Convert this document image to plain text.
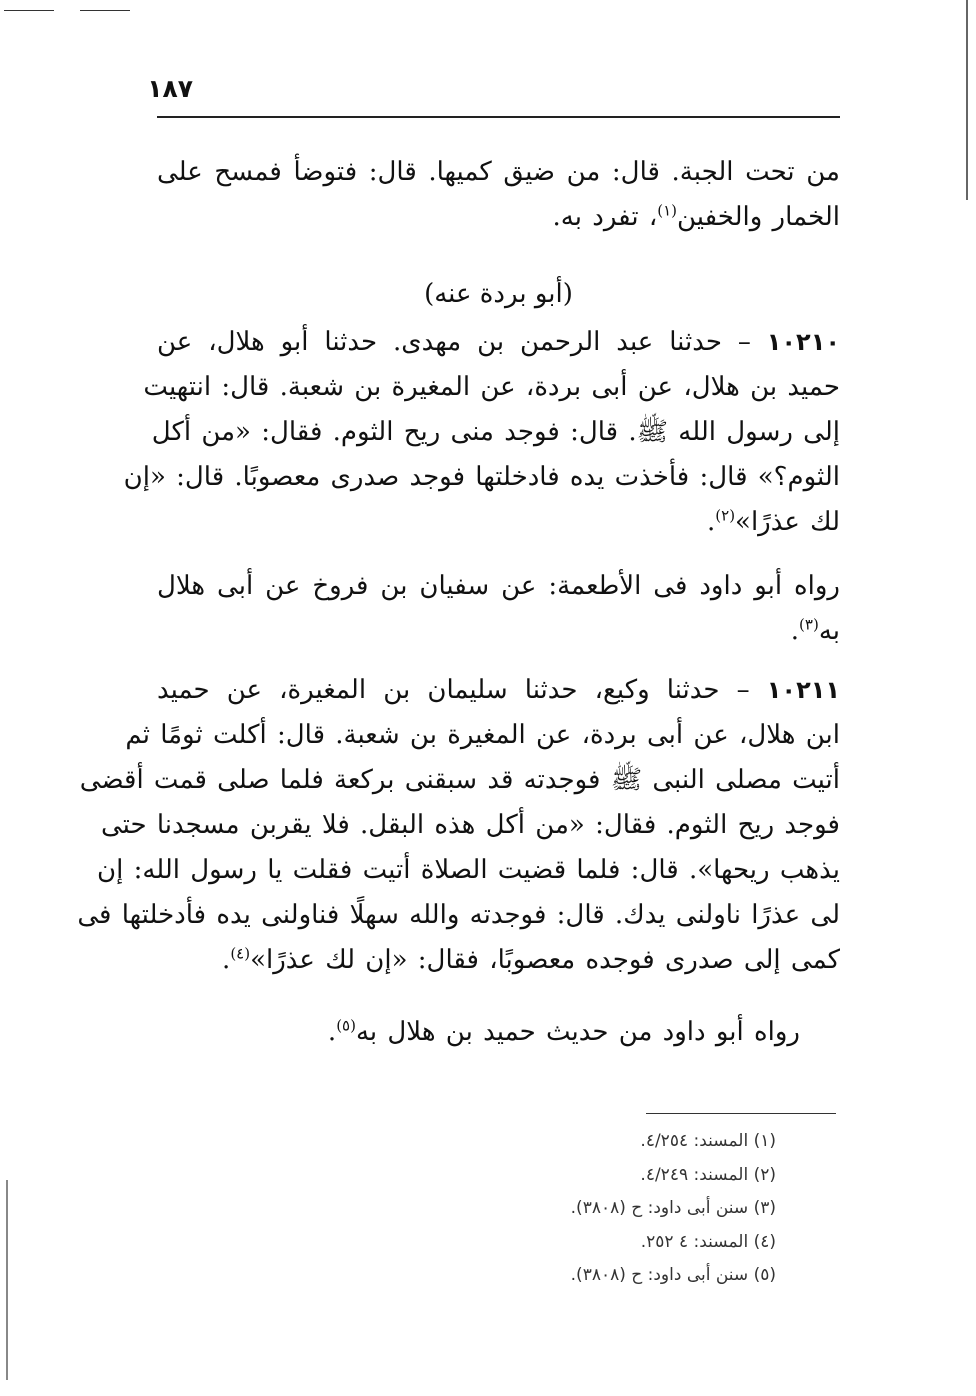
١٨٧
من تحت الجبة. قال: من ضيق كميها. قال: فتوضأ فمسح على
الخمار والخفين$^{(١)}$، تفرد به.
(أبو بردة عنه)
١٠٢١٠ – حدثنا عبد الرحمن بن مهدى. حدثنا أبو هلال، عن
حميد بن هلال، عن أبى بردة، عن المغيرة بن شعبة. قال: انتهيت
إلى رسول الله ﷺ. قال: فوجد منى ريح الثوم. فقال: «من أكل
الثوم؟» قال: فأخذت يده فادخلتها فوجد صدرى معصوبًا. قال: «إن
لك عذرًا»$^{(٢)}$.
رواه أبو داود فى الأطعمة: عن سفيان بن فروخ عن أبى هلال
به$^{(٣)}$.
١٠٢١١ – حدثنا وكيع، حدثنا سليمان بن المغيرة، عن حميد
ابن هلال، عن أبى بردة، عن المغيرة بن شعبة. قال: أكلت ثومًا ثم
أتيت مصلى النبى ﷺ فوجدته قد سبقنى بركعة فلما صلى قمت أقضى
فوجد ريح الثوم. فقال: «من أكل هذه البقل. فلا يقربن مسجدنا حتى
يذهب ريحها». قال: فلما قضيت الصلاة أتيت فقلت يا رسول الله: إن
لى عذرًا ناولنى يدك. قال: فوجدته والله سهلًا فناولنى يده فأدخلتها فى
كمى إلى صدرى فوجده معصوبًا، فقال: «إن لك عذرًا»$^{(٤)}$.
رواه أبو داود من حديث حميد بن هلال به$^{(٥)}$.
(١) المسند: ٤/٢٥٤.
(٢) المسند: ٤/٢٤٩.
(٣) سنن أبى داود: ح (٣٨٠٨).
(٤) المسند: ٤ ٢٥٢.
(٥) سنن أبى داود: ح (٣٨٠٨).
